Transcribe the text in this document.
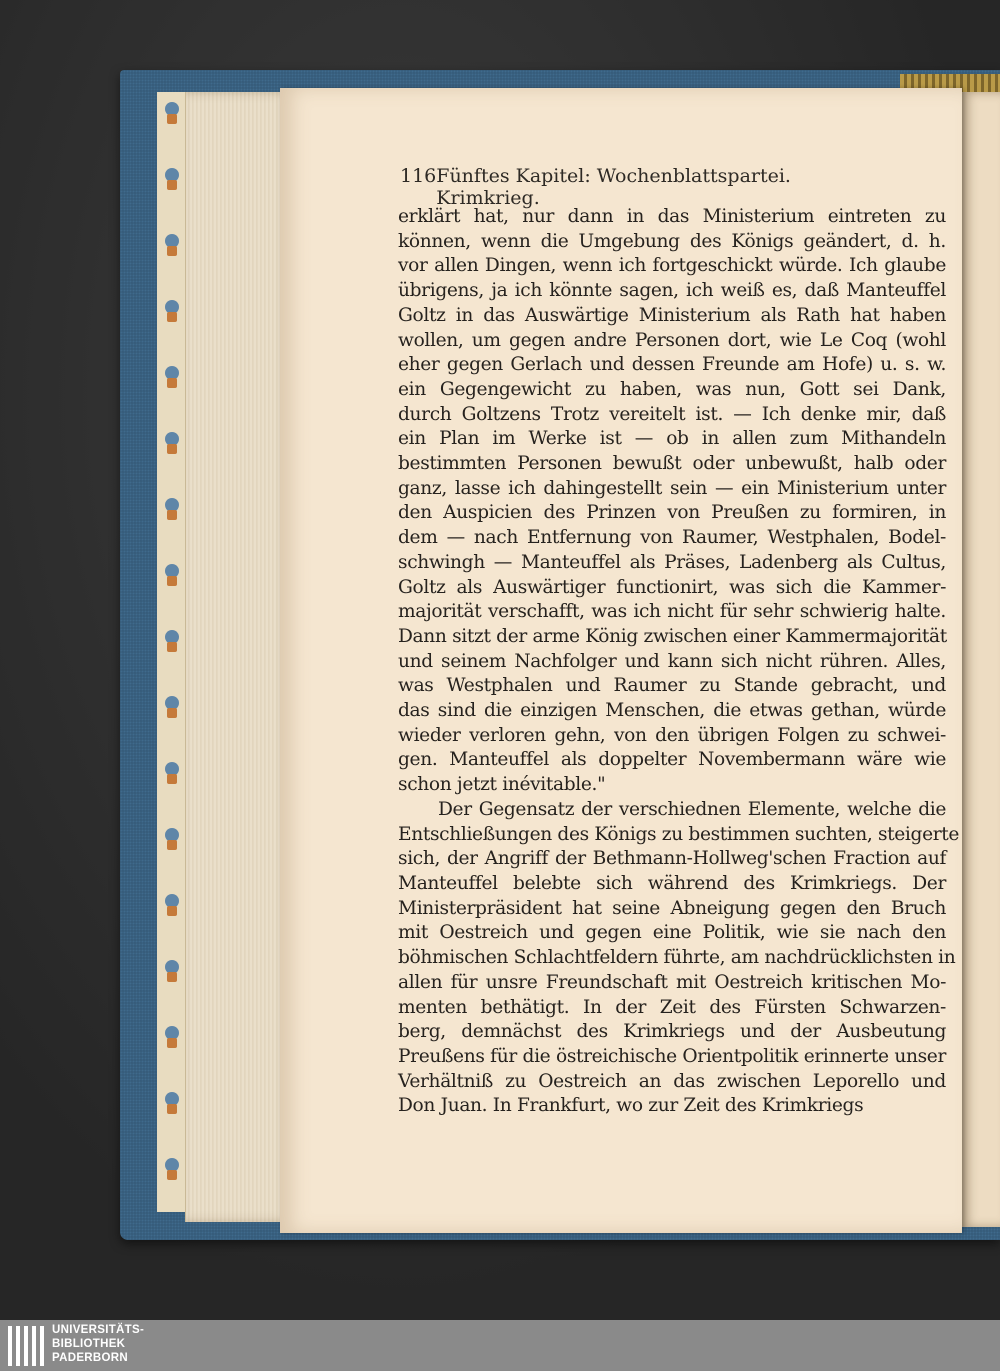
116 Fünftes Kapitel: Wochenblattspartei. Krimkrieg.
erklärt hat, nur dann in das Ministerium eintreten zu
können, wenn die Umgebung des Königs geändert, d. h.
vor allen Dingen, wenn ich fortgeschickt würde. Ich glaube
übrigens, ja ich könnte sagen, ich weiß es, daß Manteuffel
Goltz in das Auswärtige Ministerium als Rath hat haben
wollen, um gegen andre Personen dort, wie Le Coq (wohl
eher gegen Gerlach und dessen Freunde am Hofe) u. s. w.
ein Gegengewicht zu haben, was nun, Gott sei Dank,
durch Goltzens Trotz vereitelt ist. — Ich denke mir, daß
ein Plan im Werke ist — ob in allen zum Mithandeln
bestimmten Personen bewußt oder unbewußt, halb oder
ganz, lasse ich dahingestellt sein — ein Ministerium unter
den Auspicien des Prinzen von Preußen zu formiren, in
dem — nach Entfernung von Raumer, Westphalen, Bodel-
schwingh — Manteuffel als Präses, Ladenberg als Cultus,
Goltz als Auswärtiger functionirt, was sich die Kammer-
majorität verschafft, was ich nicht für sehr schwierig halte.
Dann sitzt der arme König zwischen einer Kammermajorität
und seinem Nachfolger und kann sich nicht rühren. Alles,
was Westphalen und Raumer zu Stande gebracht, und
das sind die einzigen Menschen, die etwas gethan, würde
wieder verloren gehn, von den übrigen Folgen zu schwei-
gen. Manteuffel als doppelter Novembermann wäre wie
schon jetzt inévitable."
Der Gegensatz der verschiednen Elemente, welche die
Entschließungen des Königs zu bestimmen suchten, steigerte
sich, der Angriff der Bethmann-Hollweg'schen Fraction auf
Manteuffel belebte sich während des Krimkriegs. Der
Ministerpräsident hat seine Abneigung gegen den Bruch
mit Oestreich und gegen eine Politik, wie sie nach den
böhmischen Schlachtfeldern führte, am nachdrücklichsten in
allen für unsre Freundschaft mit Oestreich kritischen Mo-
menten bethätigt. In der Zeit des Fürsten Schwarzen-
berg, demnächst des Krimkriegs und der Ausbeutung
Preußens für die östreichische Orientpolitik erinnerte unser
Verhältniß zu Oestreich an das zwischen Leporello und
Don Juan. In Frankfurt, wo zur Zeit des Krimkriegs
UNIVERSITÄTS-
BIBLIOTHEK
PADERBORN
